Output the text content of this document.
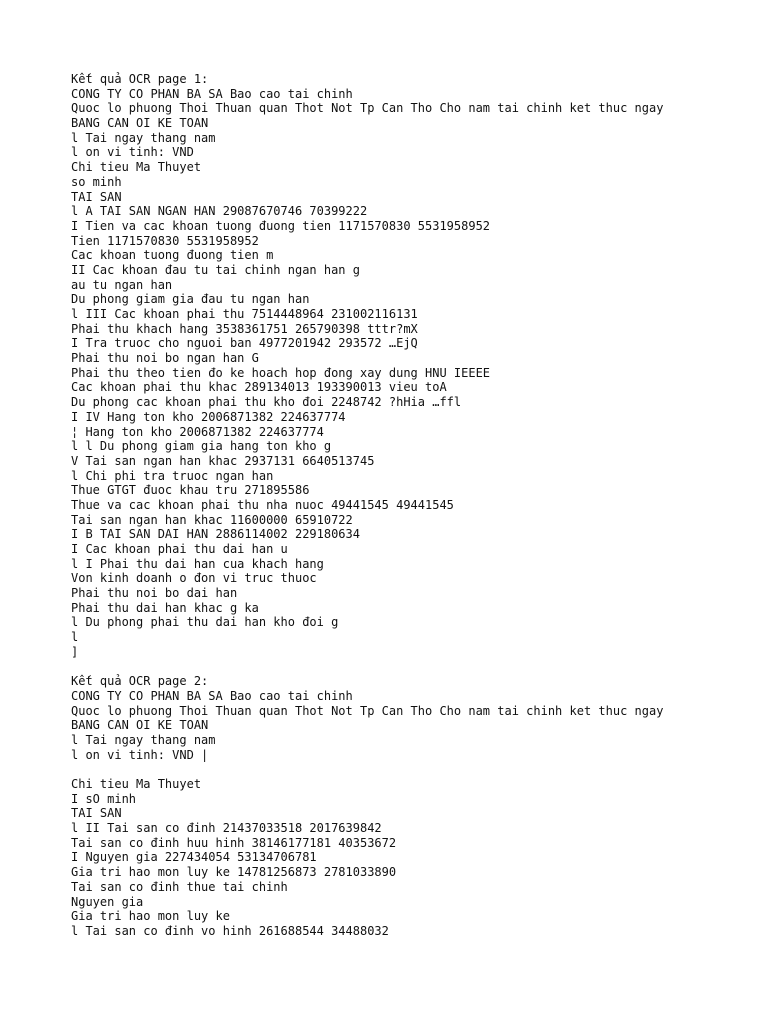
Kết quả OCR page 1:
CONG TY CO PHAN BA SA Bao cao tai chinh
Quoc lo phuong Thoi Thuan quan Thot Not Tp Can Tho Cho nam tai chinh ket thuc ngay
BANG CAN OI KE TOAN
l Tai ngay thang nam
l on vi tinh: VND
Chi tieu Ma Thuyet
so minh
TAI SAN
l A TAI SAN NGAN HAN 29087670746 70399222
I Tien va cac khoan tuong đuong tien 1171570830 5531958952
Tien 1171570830 5531958952
Cac khoan tuong đuong tien m
II Cac khoan đau tu tai chinh ngan han g
au tu ngan han
Du phong giam gia đau tu ngan han
l III Cac khoan phai thu 7514448964 231002116131
Phai thu khach hang 3538361751 265790398 tttr?mX
I Tra truoc cho nguoi ban 4977201942 293572 …EjQ
Phai thu noi bo ngan han G
Phai thu theo tien đo ke hoach hop đong xay dung HNU IEEEE
Cac khoan phai thu khac 289134013 193390013 vieu toA
Du phong cac khoan phai thu kho đoi 2248742 ?hHia …ffl
I IV Hang ton kho 2006871382 224637774
¦ Hang ton kho 2006871382 224637774
l l Du phong giam gia hang ton kho g
V Tai san ngan han khac 2937131 6640513745
l Chi phi tra truoc ngan han
Thue GTGT đuoc khau tru 271895586
Thue va cac khoan phai thu nha nuoc 49441545 49441545
Tai san ngan han khac 11600000 65910722
I B TAI SAN DAI HAN 2886114002 229180634
I Cac khoan phai thu dai han u
l I Phai thu dai han cua khach hang
Von kinh doanh o đon vi truc thuoc
Phai thu noi bo dai han
Phai thu dai han khac g ka
l Du phong phai thu dai han kho đoi g
l
]
Kết quả OCR page 2:
CONG TY CO PHAN BA SA Bao cao tai chinh
Quoc lo phuong Thoi Thuan quan Thot Not Tp Can Tho Cho nam tai chinh ket thuc ngay
BANG CAN OI KE TOAN
l Tai ngay thang nam
l on vi tinh: VND |
Chi tieu Ma Thuyet
I sO minh
TAI SAN
l II Tai san co đinh 21437033518 2017639842
Tai san co đinh huu hinh 38146177181 40353672
I Nguyen gia 227434054 53134706781
Gia tri hao mon luy ke 14781256873 2781033890
Tai san co đinh thue tai chinh
Nguyen gia
Gia tri hao mon luy ke
l Tai san co đinh vo hinh 261688544 34488032
